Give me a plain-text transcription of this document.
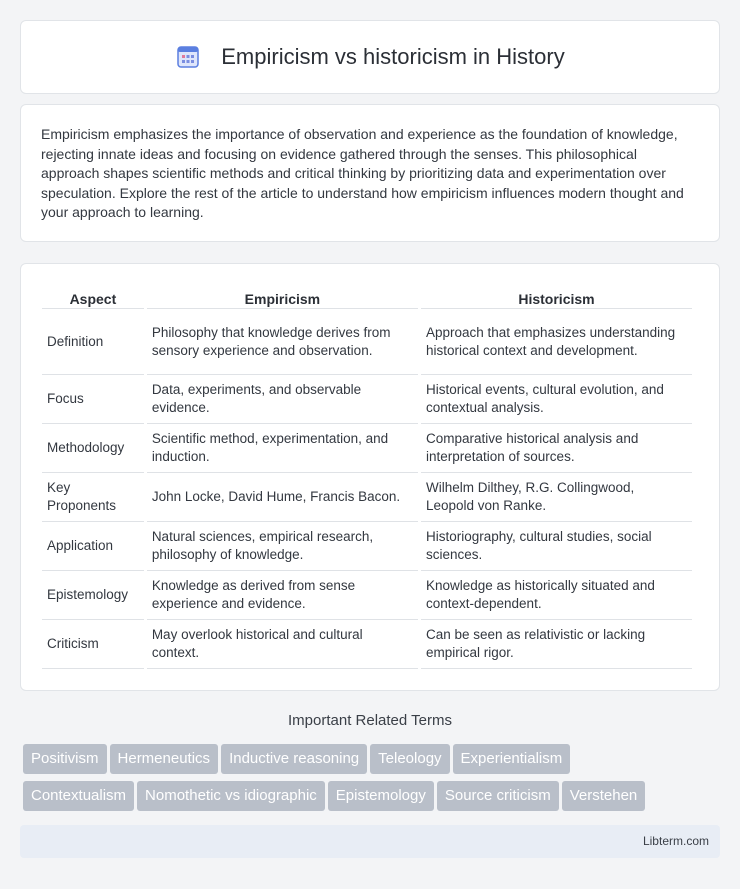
Empiricism vs historicism in History

Empiricism emphasizes the importance of observation and experience as the foundation of knowledge, rejecting innate ideas and focusing on evidence gathered through the senses. This philosophical approach shapes scientific methods and critical thinking by prioritizing data and experimentation over speculation. Explore the rest of the article to understand how empiricism influences modern thought and your approach to learning.

Aspect	Empiricism	Historicism
Definition	Philosophy that knowledge derives from sensory experience and observation.	Approach that emphasizes understanding historical context and development.
Focus	Data, experiments, and observable evidence.	Historical events, cultural evolution, and contextual analysis.
Methodology	Scientific method, experimentation, and induction.	Comparative historical analysis and interpretation of sources.
Key Proponents	John Locke, David Hume, Francis Bacon.	Wilhelm Dilthey, R.G. Collingwood, Leopold von Ranke.
Application	Natural sciences, empirical research, philosophy of knowledge.	Historiography, cultural studies, social sciences.
Epistemology	Knowledge as derived from sense experience and evidence.	Knowledge as historically situated and context-dependent.
Criticism	May overlook historical and cultural context.	Can be seen as relativistic or lacking empirical rigor.
Important Related Terms
Positivism Hermeneutics Inductive reasoning Teleology Experientialism
Contextualism Nomothetic vs idiographic Epistemology Source criticism Verstehen
Libterm.com
